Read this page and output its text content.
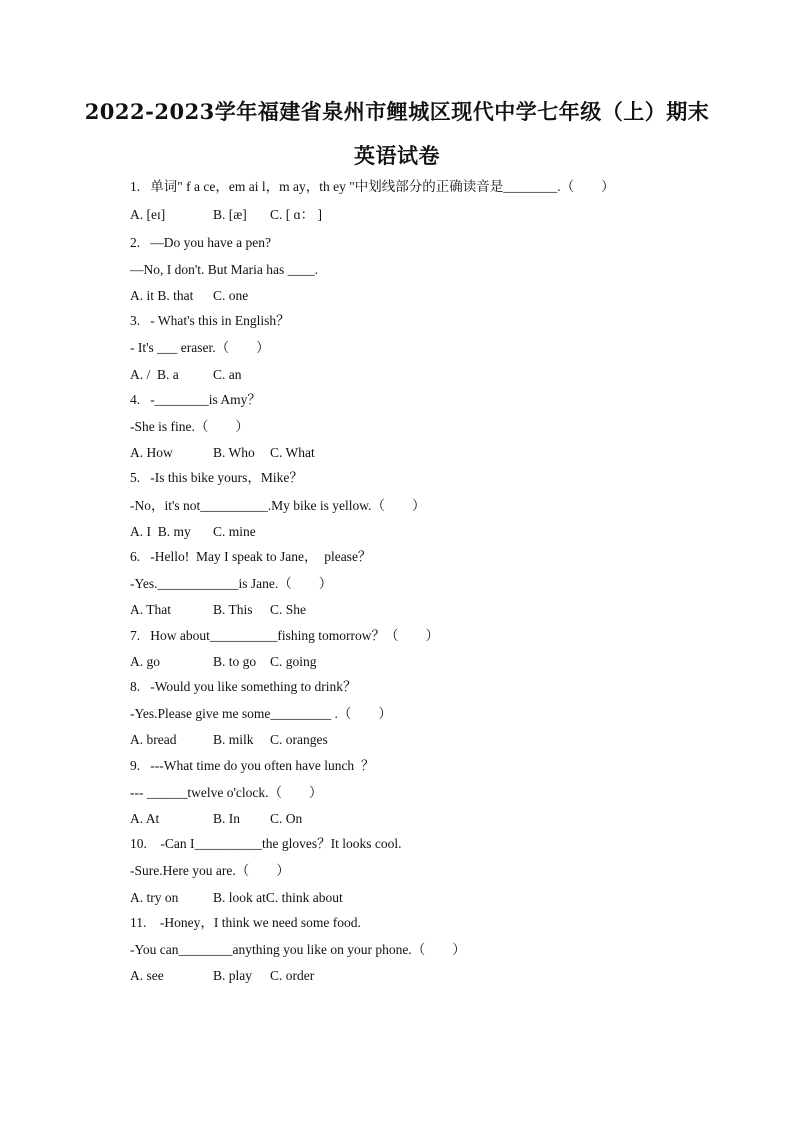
2022-2023学年福建省泉州市鲤城区现代中学七年级（上）期末
英语试卷
1.   单词" f a ce，em ai l，m ay，th ey "中划线部分的正确读音是________.（        ）
A. [eɪ]	B. [æ] C. [ ɑ： ]
2.   —Do you have a pen?
—No, I don't. But Maria has ____.
A. it B. that C. one
3.   - What's this in English？
- It's ___ eraser.（        ）
A. /  B. a	C. an
4.   -________is Amy？
-She is fine.（        ）
A. How	B. Who C. What
5.   -Is this bike yours，Mike？
-No，it's not__________.My bike is yellow.（        ）
A. I  B. my C. mine
6.   -Hello!  May I speak to Jane，  please？
-Yes.____________is Jane.（        ）
A. That	B. This C. She
7.   How about__________fishing tomorrow？（        ）
A. go	B. to go C. going
8.   -Would you like something to drink？
-Yes.Please give me some_________ .（        ）
A. bread	B. milk C. oranges
9.   ---What time do you often have lunch  ？
--- ______twelve o'clock.（        ）
A. At	B. In C. On
10.    -Can I__________the gloves？It looks cool.
-Sure.Here you are.（        ）
A. try on	B. look atC. think about
11.    -Honey，I think we need some food.
-You can________anything you like on your phone.（        ）
A. see	B. play C. order
